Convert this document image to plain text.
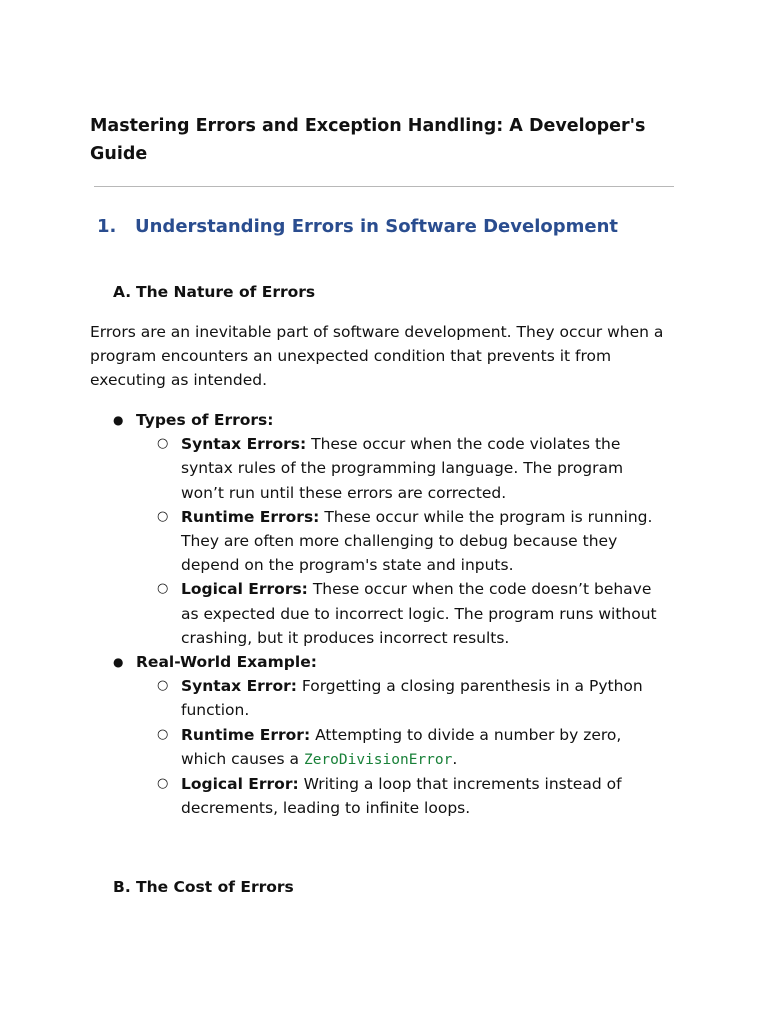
Mastering Errors and Exception Handling: A Developer's Guide
1. Understanding Errors in Software Development
A. The Nature of Errors

Errors are an inevitable part of software development. They occur when a program encounters an unexpected condition that prevents it from executing as intended.

● Types of Errors:
○ Syntax Errors: These occur when the code violates the syntax rules of the programming language. The program won’t run until these errors are corrected.
○ Runtime Errors: These occur while the program is running. They are often more challenging to debug because they depend on the program's state and inputs.
○ Logical Errors: These occur when the code doesn’t behave as expected due to incorrect logic. The program runs without crashing, but it produces incorrect results.
● Real-World Example:
○ Syntax Error: Forgetting a closing parenthesis in a Python function.
○ Runtime Error: Attempting to divide a number by zero, which causes a ZeroDivisionError.
○ Logical Error: Writing a loop that increments instead of decrements, leading to infinite loops.
B. The Cost of Errors
